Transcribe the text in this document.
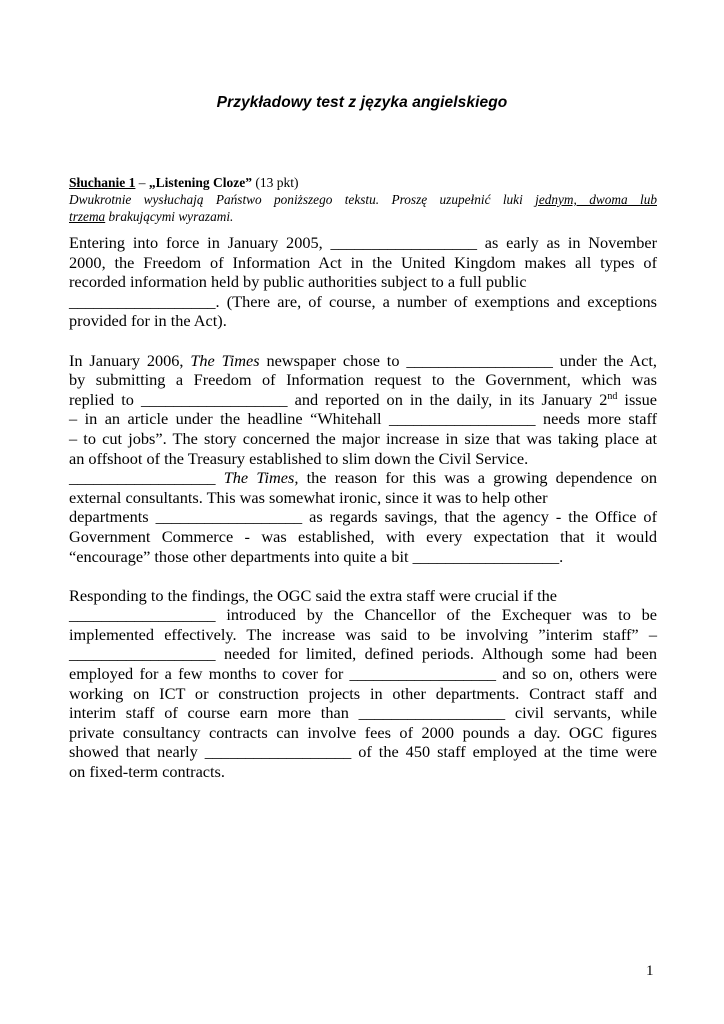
Przykładowy test z języka angielskiego
Słuchanie 1 – „Listening Cloze” (13 pkt)
Dwukrotnie wysłuchają Państwo poniższego tekstu. Proszę uzupełnić luki jednym, dwoma lub
trzema brakującymi wyrazami.
Entering into force in January 2005, __________________ as early as in November
2000, the Freedom of Information Act in the United Kingdom makes all types of
recorded information held by public authorities subject to a full public
__________________. (There are, of course, a number of exemptions and exceptions
provided for in the Act).
In January 2006, The Times newspaper chose to __________________ under the Act,
by submitting a Freedom of Information request to the Government, which was
replied to __________________ and reported on in the daily, in its January 2nd issue
– in an article under the headline “Whitehall __________________ needs more staff
– to cut jobs”. The story concerned the major increase in size that was taking place at
an offshoot of the Treasury established to slim down the Civil Service.
__________________ The Times, the reason for this was a growing dependence on
external consultants. This was somewhat ironic, since it was to help other
departments __________________ as regards savings, that the agency - the Office of
Government Commerce - was established, with every expectation that it would
“encourage” those other departments into quite a bit __________________.
Responding to the findings, the OGC said the extra staff were crucial if the
__________________ introduced by the Chancellor of the Exchequer was to be
implemented effectively. The increase was said to be involving ”interim staff” –
__________________ needed for limited, defined periods. Although some had been
employed for a few months to cover for __________________ and so on, others were
working on ICT or construction projects in other departments. Contract staff and
interim staff of course earn more than __________________ civil servants, while
private consultancy contracts can involve fees of 2000 pounds a day. OGC figures
showed that nearly __________________ of the 450 staff employed at the time were
on fixed-term contracts.
1
